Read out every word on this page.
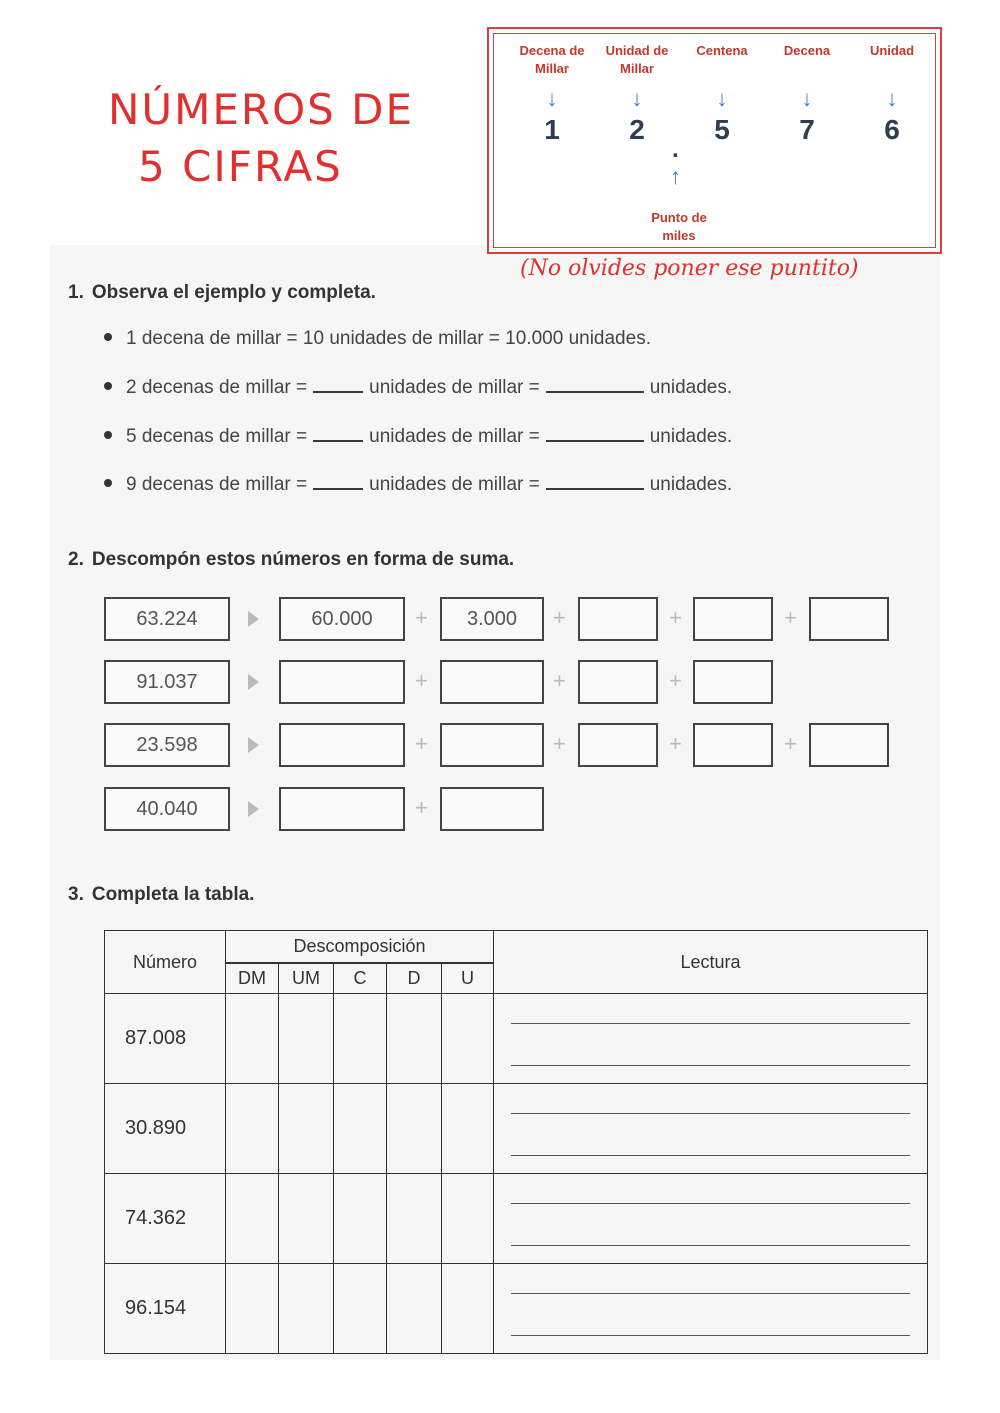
NÚMEROS DE
5 CIFRAS
Decena de Millar
↓
1
Unidad de Millar
↓
2
Centena
↓
5
Decena
↓
7
Unidad
↓
6
.
↑
Punto de miles
(No olvides poner ese puntito)
1. Observa el ejemplo y completa.
1 decena de millar = 10 unidades de millar = 10.000 unidades.
2 decenas de millar =	unidades de millar =	unidades.
5 decenas de millar =	unidades de millar =	unidades.
9 decenas de millar =	unidades de millar =	unidades.
2. Descompón estos números en forma de suma.
63.224	60.000	+	3.000	+	+	+
91.037	+	+	+
23.598	+	+	+	+
40.040	+
3. Completa la tabla.
Número	Descomposición					Lectura
	DM	UM	C	D	U	
87.008						

30.890						

74.362						

96.154						
